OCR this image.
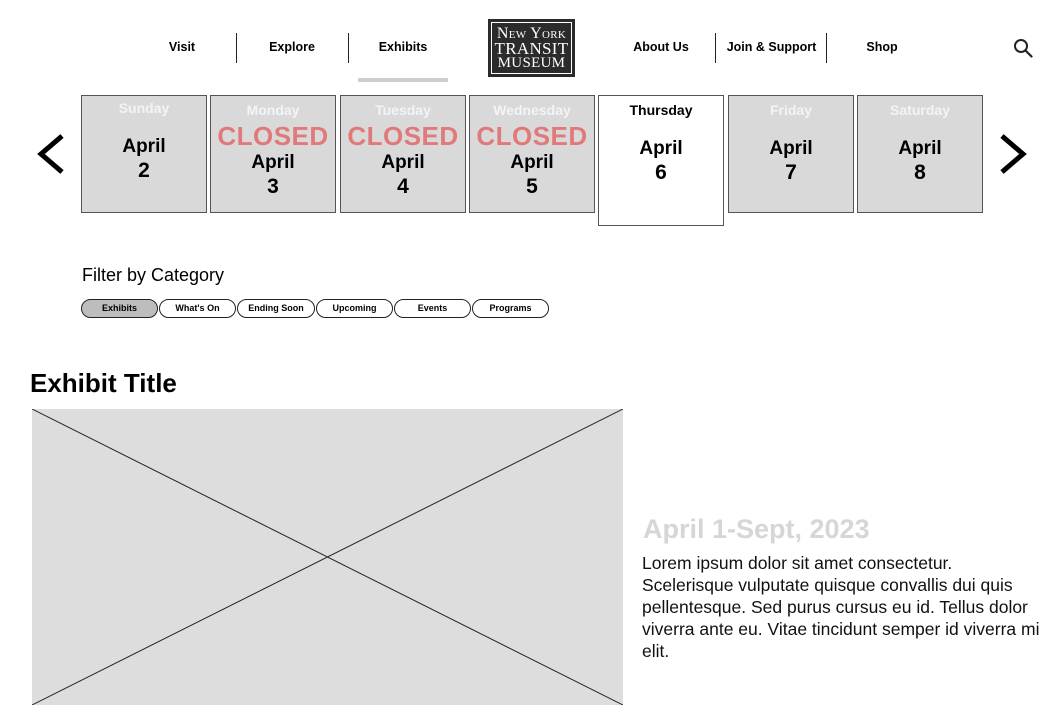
Visit	Explore	Exhibits
New York
TRANSIT
MUSEUM
About Us	Join & Support	Shop
Sunday
April
2
Monday
CLOSED
April
3
Tuesday
CLOSED
April
4
Wednesday
CLOSED
April
5
Thursday
April
6
Friday
April
7
Saturday
April
8
Filter by Category
Exhibits	What's On	Ending Soon	Upcoming	Events	Programs
Exhibit Title
April 1-Sept, 2023
Lorem ipsum dolor sit amet consectetur. Scelerisque vulputate quisque convallis dui quis pellentesque. Sed purus cursus eu id. Tellus dolor viverra ante eu. Vitae tincidunt semper id viverra mi elit.
